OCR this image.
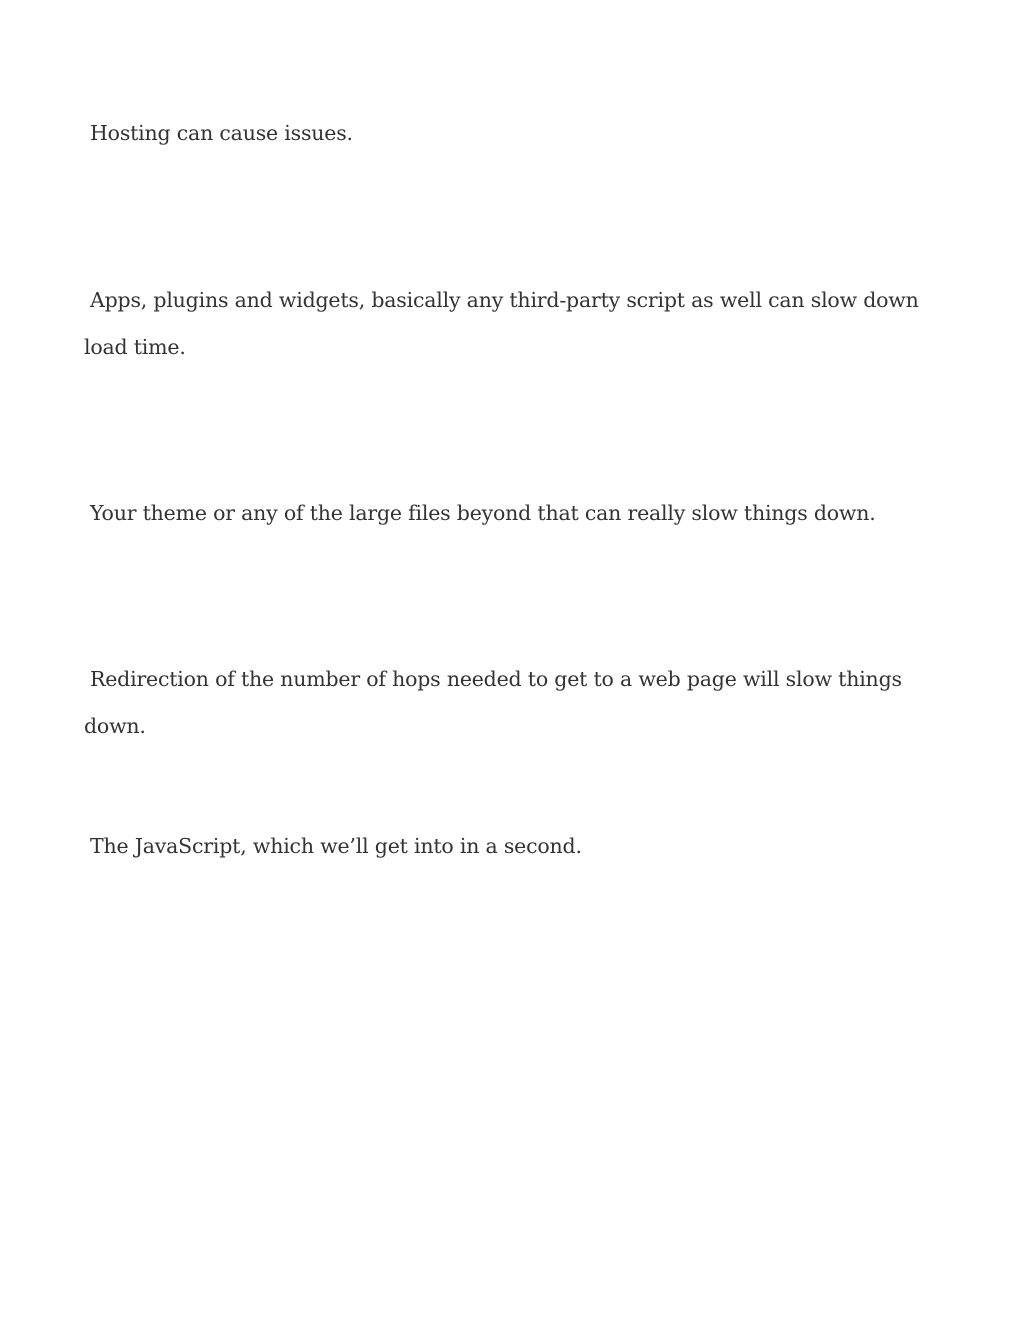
Hosting can cause issues.

Apps, plugins and widgets, basically any third-party script as well can slow down load time.

Your theme or any of the large files beyond that can really slow things down.

Redirection of the number of hops needed to get to a web page will slow things down.

The JavaScript, which we’ll get into in a second.
